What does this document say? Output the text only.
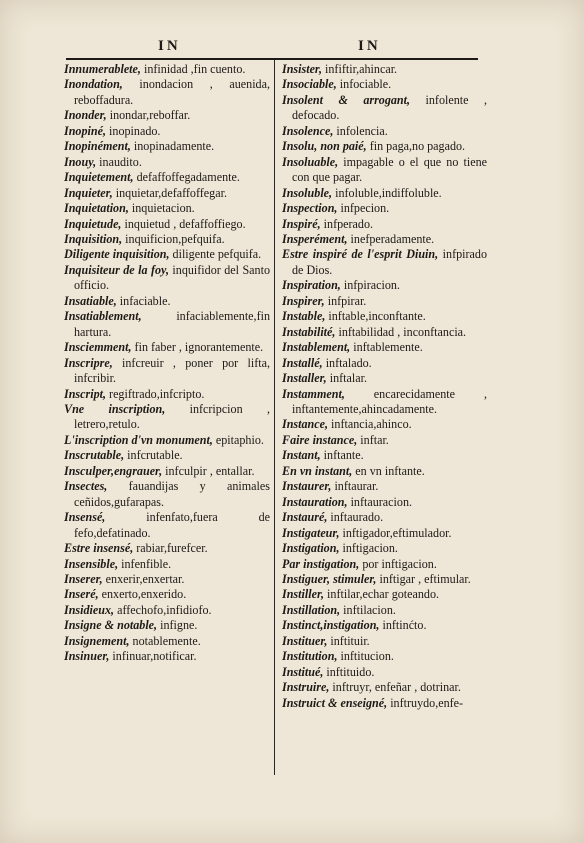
IN	IN

Innumerablete, infinidad ,fin cuento.

Inondation, inondacion , auenida, reboffadura.

Inonder, inondar,reboffar.

Inopiné, inopinado.

Inopinément, inopinadamente.

Inouy, inaudito.

Inquietement, defaffoffegadamente.

Inquieter, inquietar,defaffoffegar.

Inquietation, inquietacion.

Inquietude, inquietud , defaffoffiego.

Inquisition, inquificion,pefquifa.

Diligente inquisition, diligente pefquifa.

Inquisiteur de la foy, inquifidor del Santo officio.

Insatiable, infaciable.

Insatiablement, infaciablemente,fin hartura.

Insciemment, fin faber , ignorantemente.

Inscripre, infcreuir , poner por lifta, infcribir.

Inscript, regiftrado,infcripto.

Vne inscription, infcripcion , letrero,retulo.

L'inscription d'vn monument, epitaphio.

Inscrutable, infcrutable.

Insculper,engrauer, infculpir , entallar.

Insectes, fauandijas y animales ceñidos,gufarapas.

Insensé, infenfato,fuera de fefo,defatinado.

Estre insensé, rabiar,furefcer.

Insensible, infenfible.

Inserer, enxerir,enxertar.

Inseré, enxerto,enxerido.

Insidieux, affechofo,infidiofo.

Insigne & notable, infigne.

Insignement, notablemente.

Insinuer, infinuar,notificar.

Insister, infiftir,ahincar.

Insociable, infociable.

Insolent & arrogant, infolente , defocado.

Insolence, infolencia.

Insolu, non paié, fin paga,no pagado.

Insoluable, impagable o el que no tiene con que pagar.

Insoluble, infoluble,indiffoluble.

Inspection, infpecion.

Inspiré, infperado.

Insperément, inefperadamente.

Estre inspiré de l'esprit Diuin, infpirado de Dios.

Inspiration, infpiracion.

Inspirer, infpirar.

Instable, inftable,inconftante.

Instabilité, inftabilidad , inconftancia.

Instablement, inftablemente.

Installé, inftalado.

Installer, inftalar.

Instamment, encarecidamente , inftantemente,ahincadamente.

Instance, inftancia,ahinco.

Faire instance, inftar.

Instant, inftante.

En vn instant, en vn inftante.

Instaurer, inftaurar.

Instauration, inftauracion.

Instauré, inftaurado.

Instigateur, inftigador,eftimulador.

Instigation, inftigacion.

Par instigation, por inftigacion.

Instiguer, stimuler, inftigar , eftimular.

Instiller, inftilar,echar goteando.

Instillation, inftilacion.

Instinct,instigation, inftinćto.

Instituer, inftituir.

Institution, inftitucion.

Institué, inftituido.

Instruire, inftruyr, enfeñar , dotrinar.

Instruict & enseigné, inftruydo,enfe-
